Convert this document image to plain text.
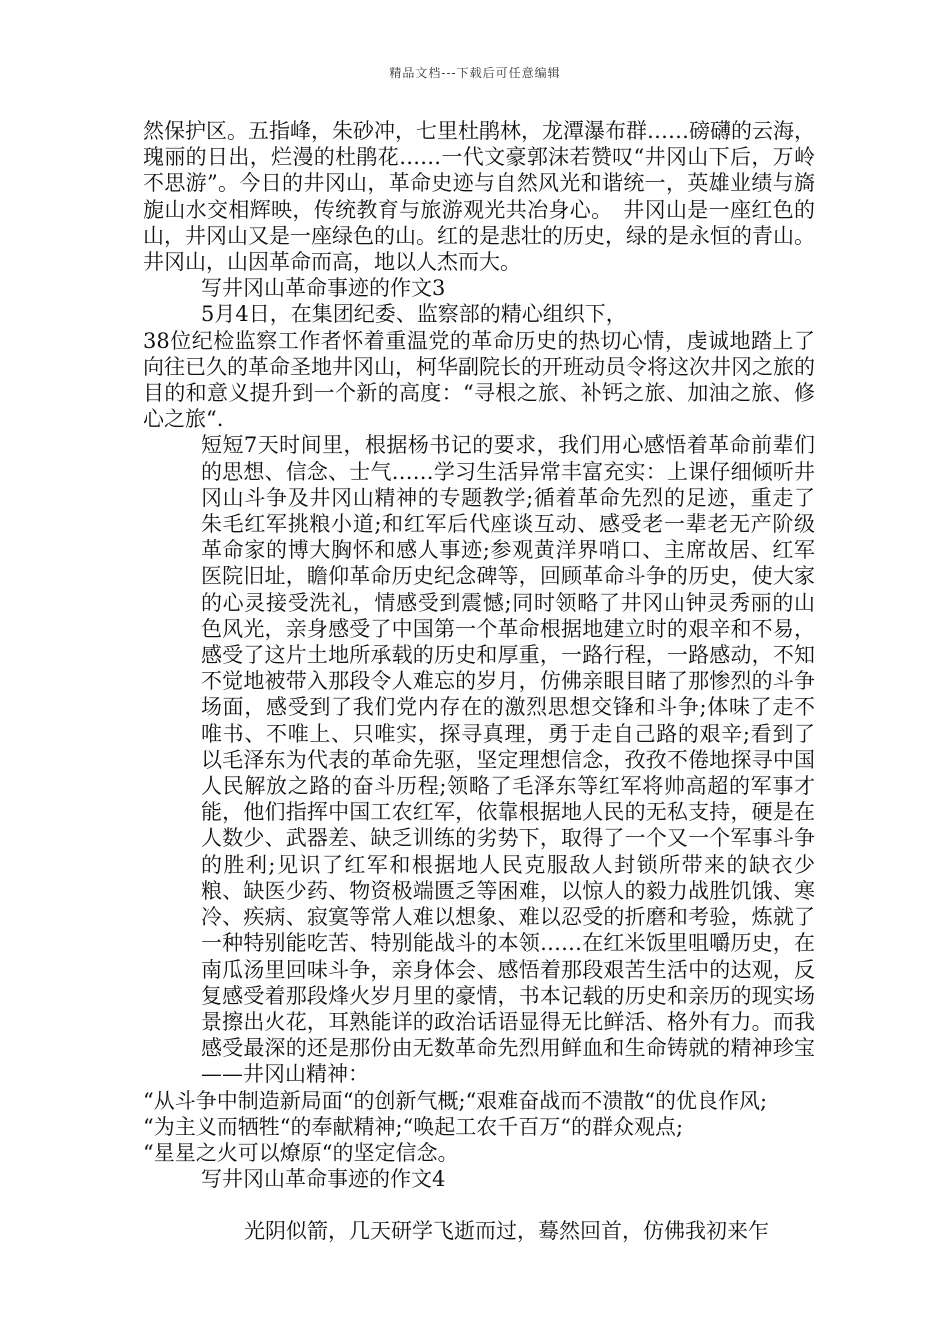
精品文档---下载后可任意编辑

然保护区。五指峰，朱砂冲，七里杜鹃林，龙潭瀑布群……磅礴的云海，瑰丽的日出，烂漫的杜鹃花……一代文豪郭沫若赞叹“井冈山下后，万岭不思游”。今日的井冈山，革命史迹与自然风光和谐统一，英雄业绩与旖旎山水交相辉映，传统教育与旅游观光共冶身心。　井冈山是一座红色的山，井冈山又是一座绿色的山。红的是悲壮的历史，绿的是永恒的青山。井冈山，山因革命而高，地以人杰而大。

写井冈山革命事迹的作文3

5月4日，在集团纪委、监察部的精心组织下，

38位纪检监察工作者怀着重温党的革命历史的热切心情，虔诚地踏上了向往已久的革命圣地井冈山，柯华副院长的开班动员令将这次井冈之旅的目的和意义提升到一个新的高度：“寻根之旅、补钙之旅、加油之旅、修心之旅“.

短短7天时间里，根据杨书记的要求，我们用心感悟着革命前辈们的思想、信念、士气……学习生活异常丰富充实：上课仔细倾听井冈山斗争及井冈山精神的专题教学;循着革命先烈的足迹，重走了朱毛红军挑粮小道;和红军后代座谈互动、感受老一辈老无产阶级革命家的博大胸怀和感人事迹;参观黄洋界哨口、主席故居、红军医院旧址，瞻仰革命历史纪念碑等，回顾革命斗争的历史，使大家的心灵接受洗礼，情感受到震憾;同时领略了井冈山钟灵秀丽的山色风光，亲身感受了中国第一个革命根据地建立时的艰辛和不易，感受了这片土地所承载的历史和厚重，一路行程，一路感动，不知不觉地被带入那段令人难忘的岁月，仿佛亲眼目睹了那惨烈的斗争场面，感受到了我们党内存在的激烈思想交锋和斗争;体味了走不唯书、不唯上、只唯实，探寻真理，勇于走自己路的艰辛;看到了以毛泽东为代表的革命先驱，坚定理想信念，孜孜不倦地探寻中国人民解放之路的奋斗历程;领略了毛泽东等红军将帅高超的军事才能，他们指挥中国工农红军，依靠根据地人民的无私支持，硬是在人数少、武器差、缺乏训练的劣势下，取得了一个又一个军事斗争的胜利;见识了红军和根据地人民克服敌人封锁所带来的缺衣少粮、缺医少药、物资极端匮乏等困难，以惊人的毅力战胜饥饿、寒冷、疾病、寂寞等常人难以想象、难以忍受的折磨和考验，炼就了一种特别能吃苦、特别能战斗的本领……在红米饭里咀嚼历史，在南瓜汤里回味斗争，亲身体会、感悟着那段艰苦生活中的达观，反复感受着那段烽火岁月里的豪情，书本记载的历史和亲历的现实场景擦出火花，耳熟能详的政治话语显得无比鲜活、格外有力。而我感受最深的还是那份由无数革命先烈用鲜血和生命铸就的精神珍宝——井冈山精神：

“从斗争中制造新局面“的创新气概;“艰难奋战而不溃散“的优良作风;

“为主义而牺牲“的奉献精神;“唤起工农千百万“的群众观点;

“星星之火可以燎原“的坚定信念。

写井冈山革命事迹的作文4

光阴似箭，几天研学飞逝而过，蓦然回首，仿佛我初来乍
